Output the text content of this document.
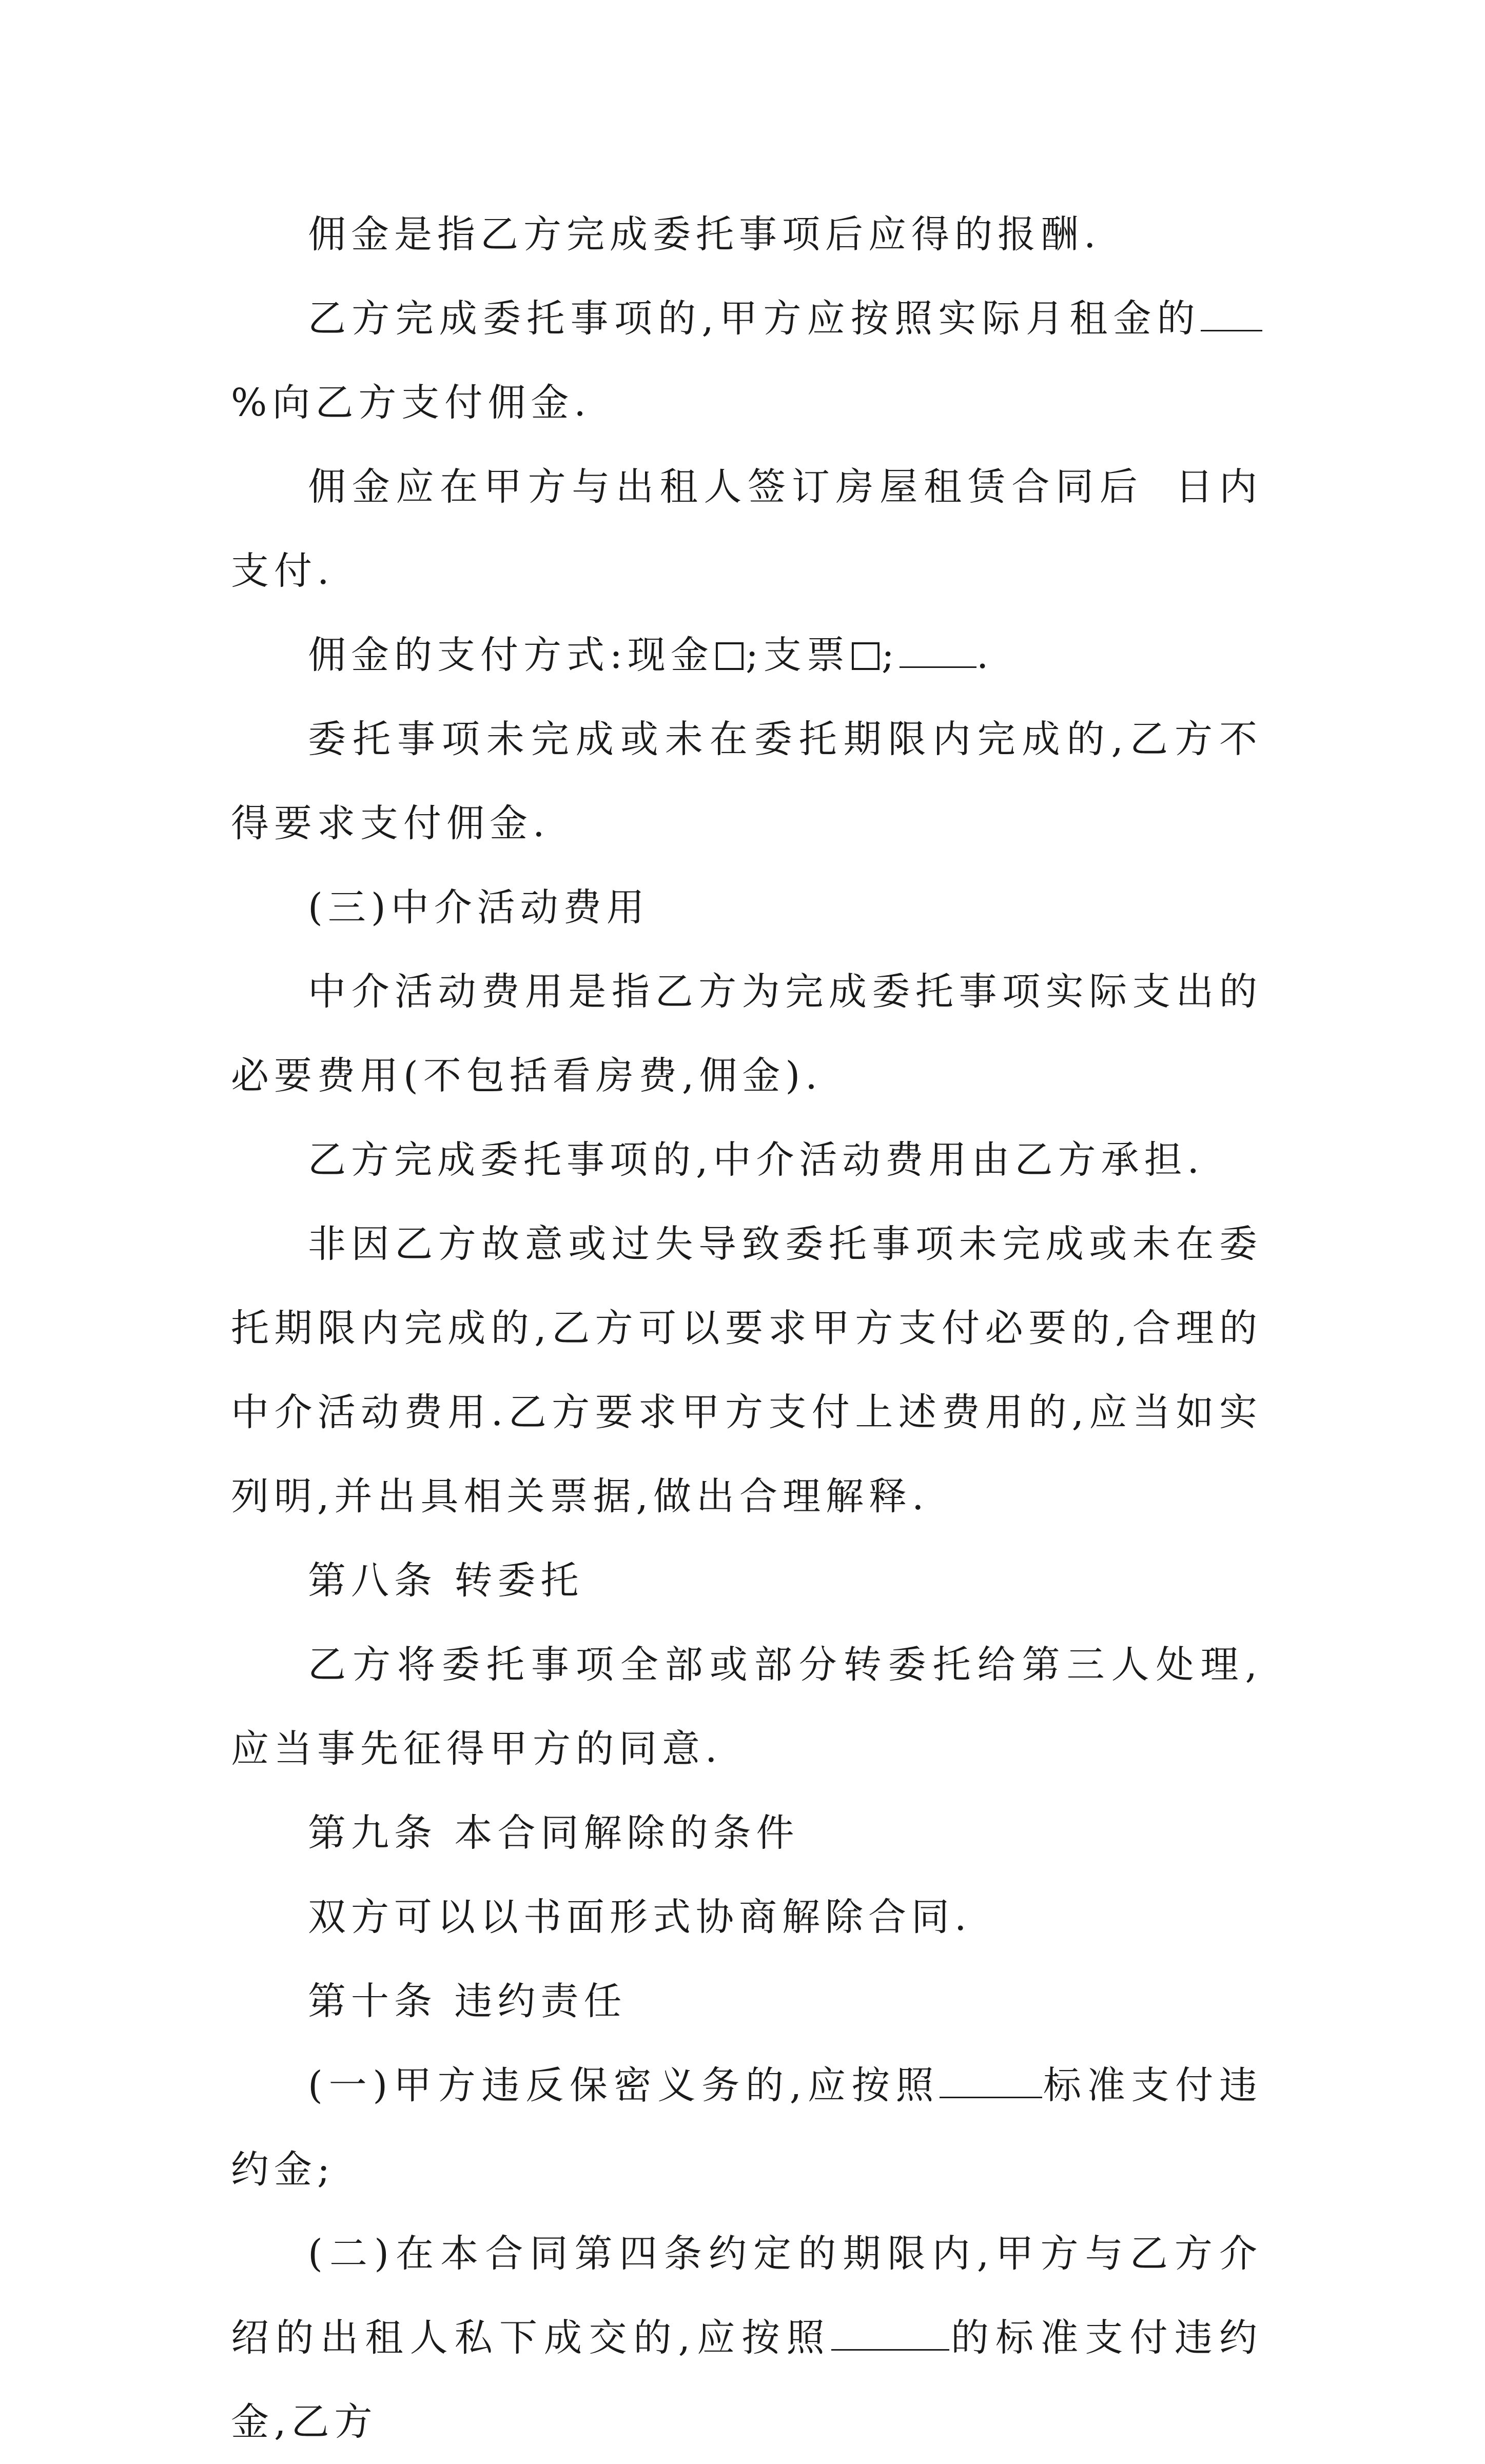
佣金是指乙方完成委托事项后应得的报酬.

乙方完成委托事项的,甲方应按照实际月租金的%向乙方支付佣金.

佣金应在甲方与出租人签订房屋租赁合同后 日内支付.

佣金的支付方式:现金 ;支票 ; .

委托事项未完成或未在委托期限内完成的,乙方不得要求支付佣金.

(三)中介活动费用

中介活动费用是指乙方为完成委托事项实际支出的必要费用(不包括看房费,佣金).

乙方完成委托事项的,中介活动费用由乙方承担.

非因乙方故意或过失导致委托事项未完成或未在委托期限内完成的,乙方可以要求甲方支付必要的,合理的中介活动费用.乙方要求甲方支付上述费用的,应当如实列明,并出具相关票据,做出合理解释.

第八条 转委托

乙方将委托事项全部或部分转委托给第三人处理,应当事先征得甲方的同意.

第九条 本合同解除的条件

双方可以以书面形式协商解除合同.

第十条 违约责任

(一)甲方违反保密义务的,应按照	标准支付违约金;

(二)在本合同第四条约定的期限内,甲方与乙方介绍的出租人私下成交的,应按照	的标准支付违约金,乙方
